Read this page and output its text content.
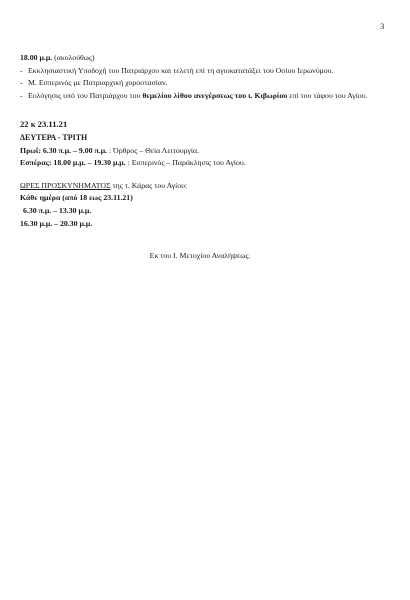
3
18.00 μ.μ. (ακολούθως)
- Εκκλησιαστική Υποδοχή του Πατριάρχου και τελετή επί τη αγιοκατατάξει του Οσίου Ιερωνύμου.
- Μ. Εσπερινός με Πατριαρχική χοροστασίαν.
- Ευλόγησις υπό του Πατριάρχου του θεμελίου λίθου ανεγέρσεως του ι. Κιβωρίου επί του τάφου του Αγίου.
22 κ 23.11.21
ΔΕΥΤΕΡΑ - ΤΡΙΤΗ
Πρωΐ: 6.30 π.μ. – 9.00 π.μ. : Όρθρος – Θεία Λειτουργία.
Εσπέρας: 18.00 μ.μ. – 19.30 μ.μ. : Εσπερινός – Παράκλησις του Αγίου.
ΩΡΕΣ ΠΡΟΣΚΥΝΗΜΑΤΟΣ της τ. Κάρας του Αγίου:
Κάθε ημέρα (από 18 εως 23.11.21)
6.30 π.μ. – 13.30 μ.μ.
16.30 μ.μ. – 20.30 μ.μ.
Εκ του Ι. Μετοχίου Αναλήψεως.
